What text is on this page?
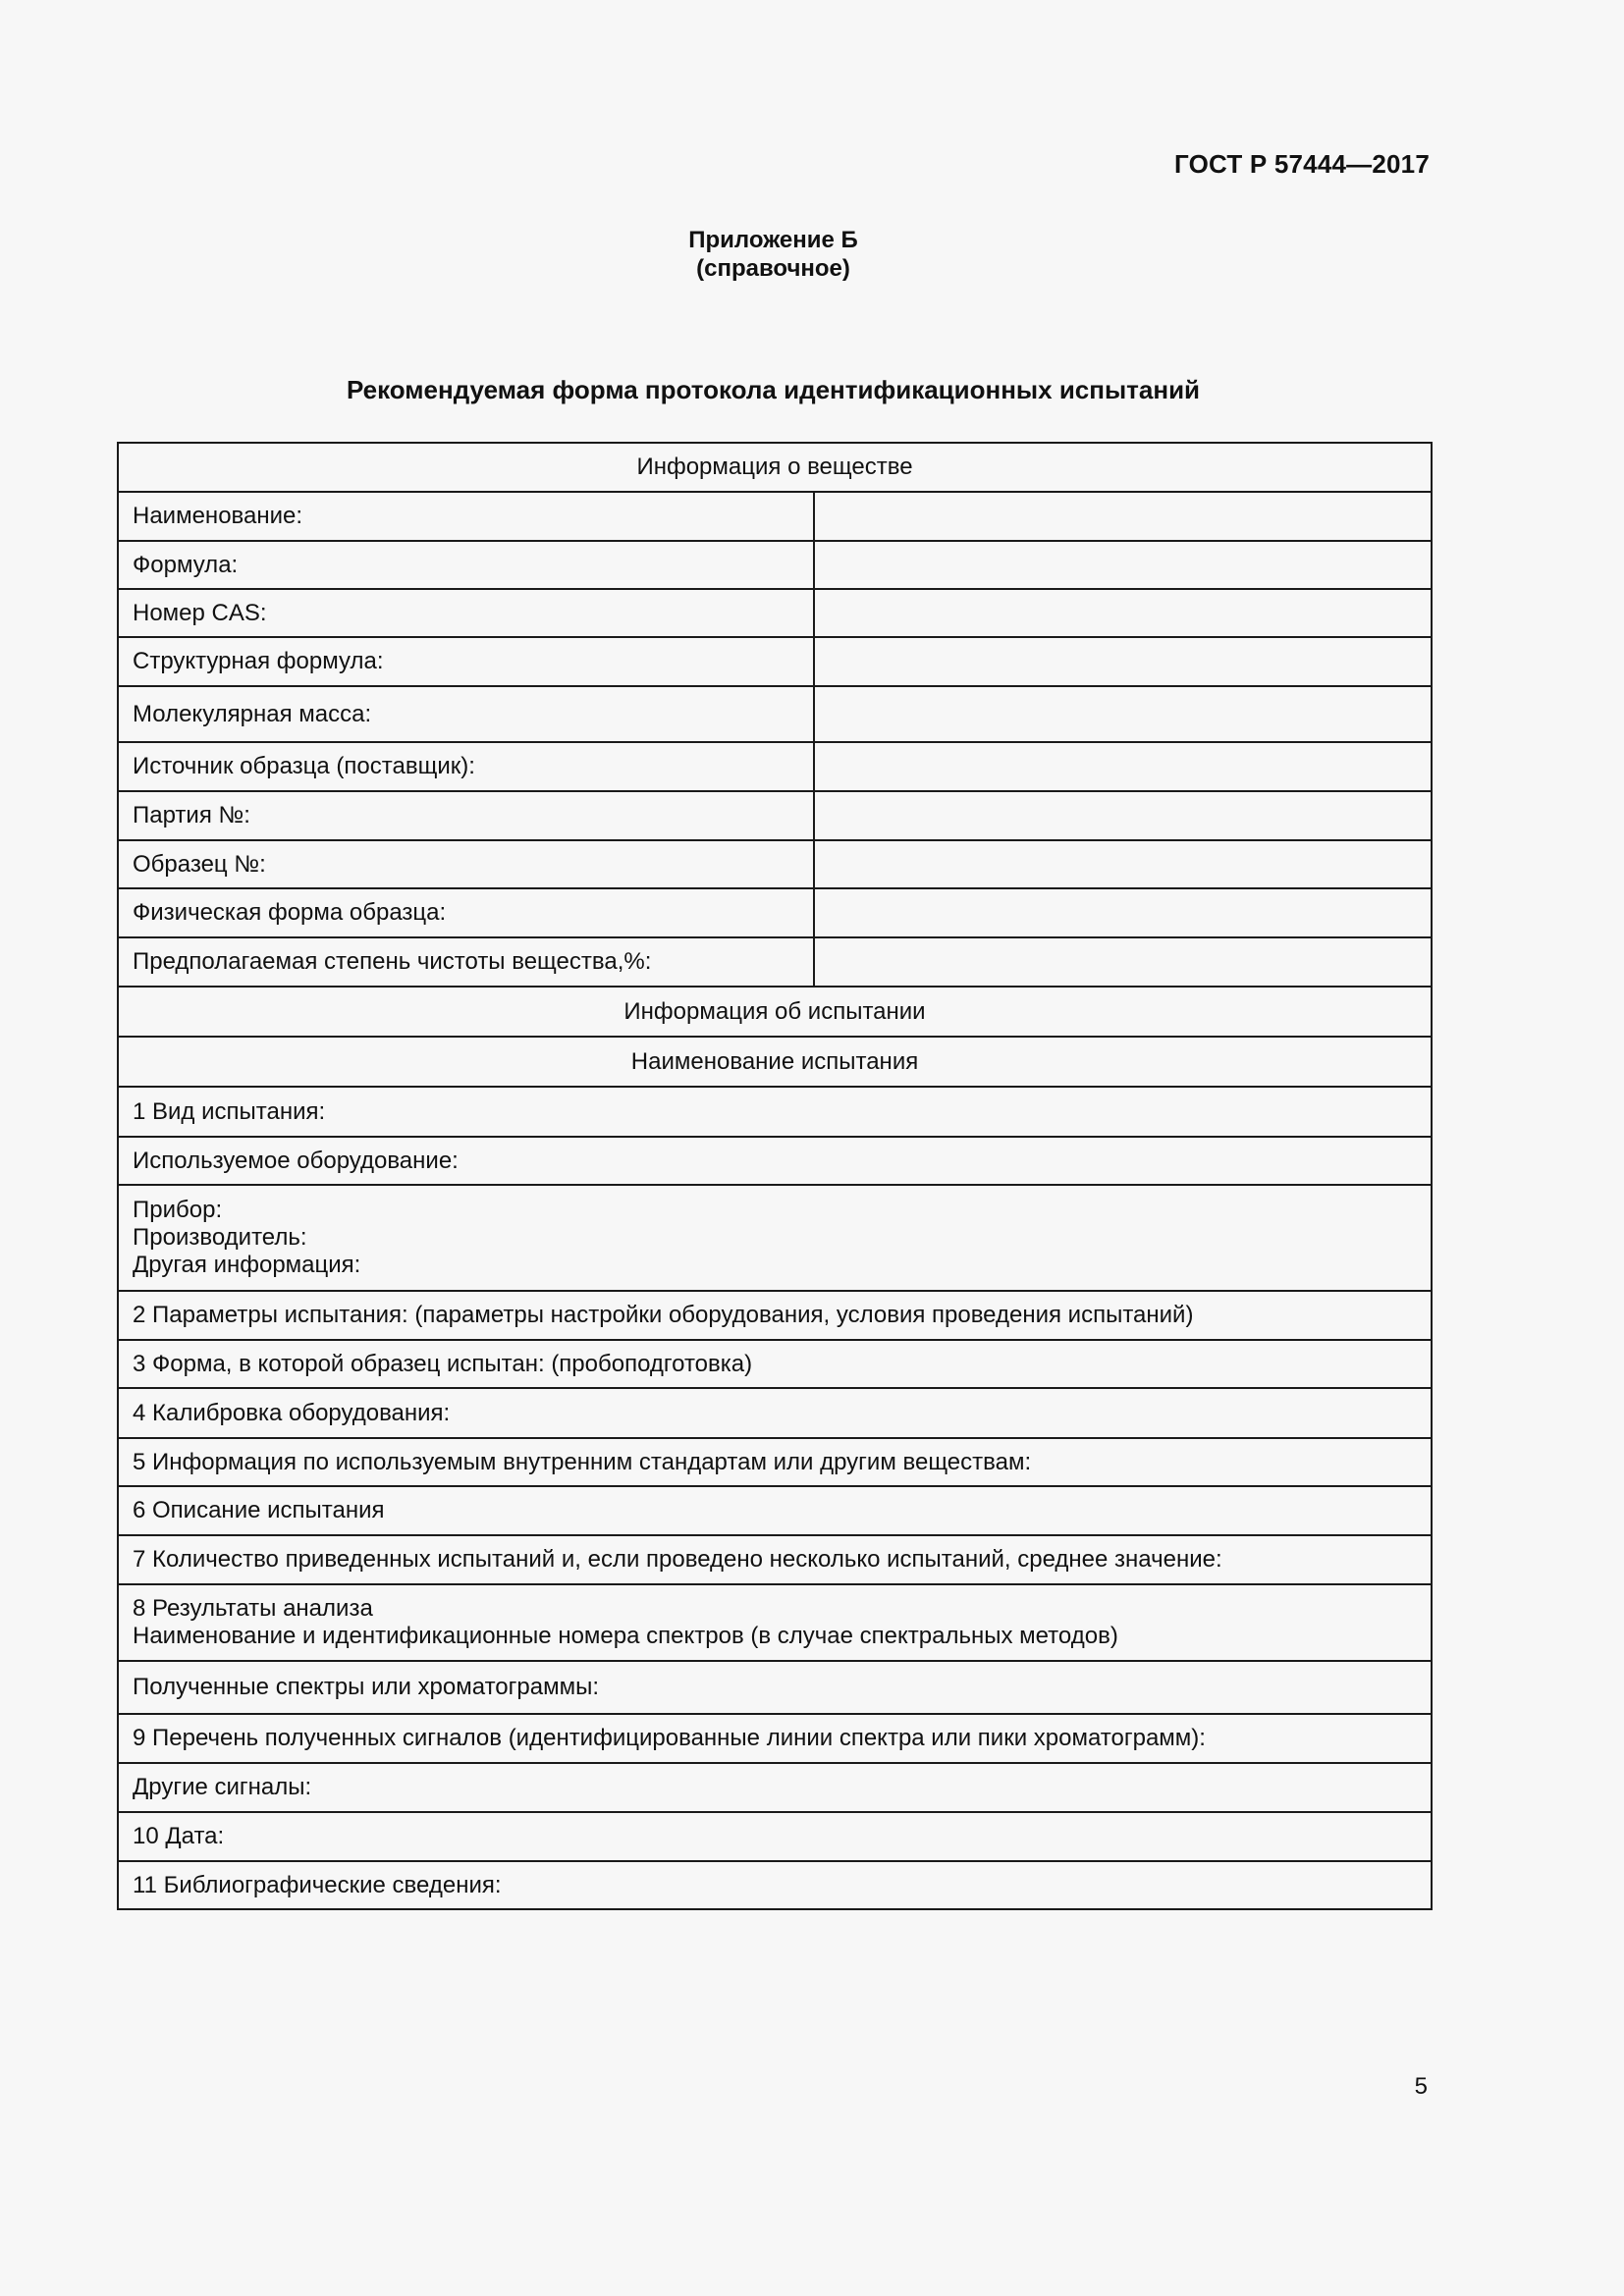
ГОСТ Р 57444—2017
Приложение Б
(справочное)
Рекомендуемая форма протокола идентификационных испытаний
Информация о веществе	
Наименование:	
Формула:	
Номер CAS:	
Структурная формула:	
Молекулярная масса:	
Источник образца (поставщик):	
Партия №:	
Образец №:	
Физическая форма образца:	
Предполагаемая степень чистоты вещества,%:	
Информация об испытании	
Наименование испытания	
1 Вид испытания:	
Используемое оборудование:	

Прибор:
Производитель:
Другая информация:	

2 Параметры испытания: (параметры настройки оборудования, условия проведения испытаний)	
3 Форма, в которой образец испытан: (пробоподготовка)	
4 Калибровка оборудования:	
5 Информация по используемым внутренним стандартам или другим веществам:	
6 Описание испытания	
7 Количество приведенных испытаний и, если проведено несколько испытаний, среднее значение:	

8 Результаты анализа
Наименование и идентификационные номера спектров (в случае спектральных методов)	

Полученные спектры или хроматограммы:	
9 Перечень полученных сигналов (идентифицированные линии спектра или пики хроматограмм):	
Другие сигналы:	
10 Дата:	
11 Библиографические сведения:	
5
